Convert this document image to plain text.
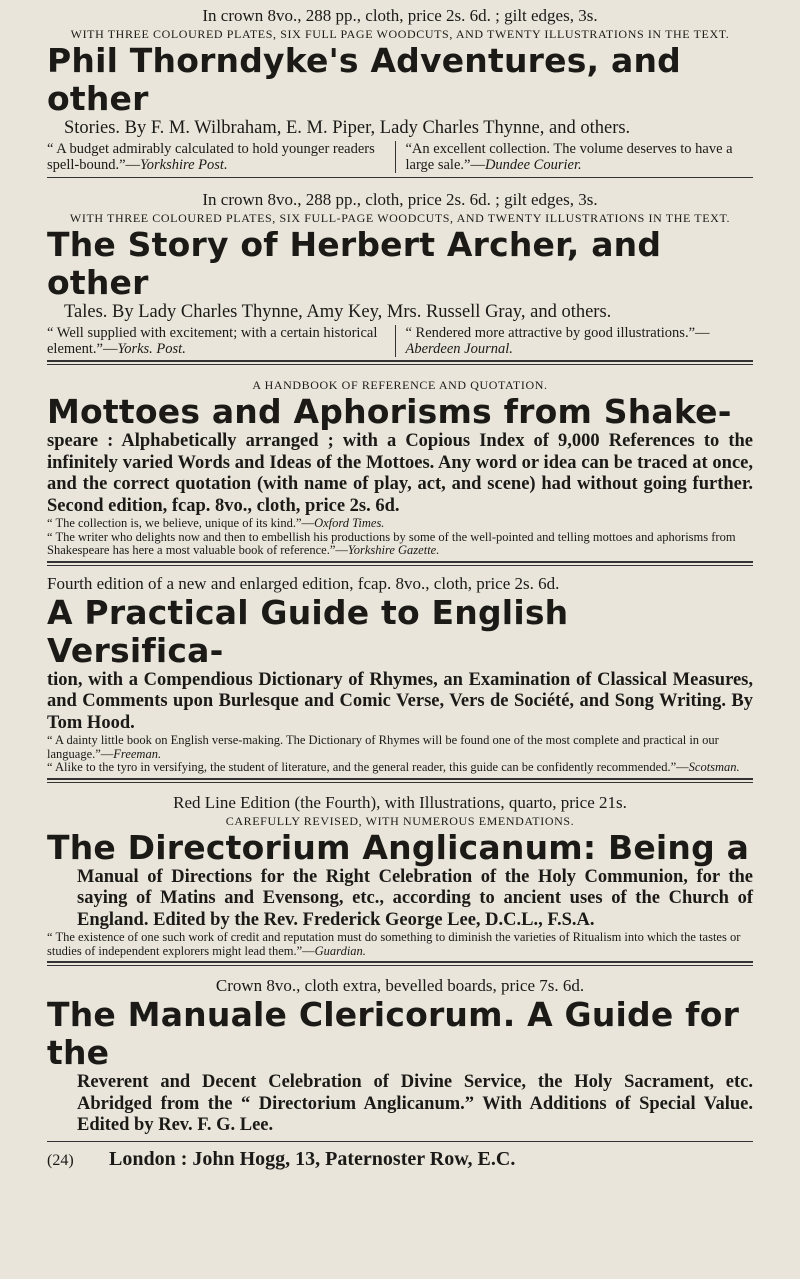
In crown 8vo., 288 pp., cloth, price 2s. 6d. ; gilt edges, 3s.
WITH THREE COLOURED PLATES, SIX FULL PAGE WOODCUTS, AND TWENTY ILLUSTRATIONS IN THE TEXT.
Phil Thorndyke's Adventures, and other
Stories. By F. M. Wilbraham, E. M. Piper, Lady Charles Thynne, and others.
“ A budget admirably calculated to hold younger readers spell-bound.”—Yorkshire Post.
“An excellent collection. The volume deserves to have a large sale.”—Dundee Courier.
In crown 8vo., 288 pp., cloth, price 2s. 6d. ; gilt edges, 3s.
WITH THREE COLOURED PLATES, SIX FULL-PAGE WOODCUTS, AND TWENTY ILLUSTRATIONS IN THE TEXT.
The Story of Herbert Archer, and other
Tales. By Lady Charles Thynne, Amy Key, Mrs. Russell Gray, and others.
“ Well supplied with excitement; with a certain historical element.”—Yorks. Post.
“ Rendered more attractive by good illustrations.”—Aberdeen Journal.
A HANDBOOK OF REFERENCE AND QUOTATION.
Mottoes and Aphorisms from Shake-
speare : Alphabetically arranged ; with a Copious Index of 9,000 References to the infinitely varied Words and Ideas of the Mottoes. Any word or idea can be traced at once, and the correct quotation (with name of play, act, and scene) had without going further. Second edition, fcap. 8vo., cloth, price 2s. 6d.
“ The collection is, we believe, unique of its kind.”—Oxford Times.
“ The writer who delights now and then to embellish his productions by some of the well-pointed and telling mottoes and aphorisms from Shakespeare has here a most valuable book of reference.”—Yorkshire Gazette.
Fourth edition of a new and enlarged edition, fcap. 8vo., cloth, price 2s. 6d.
A Practical Guide to English Versifica-
tion, with a Compendious Dictionary of Rhymes, an Examination of Classical Measures, and Comments upon Burlesque and Comic Verse, Vers de Société, and Song Writing. By Tom Hood.
“ A dainty little book on English verse-making. The Dictionary of Rhymes will be found one of the most complete and practical in our language.”—Freeman.
“ Alike to the tyro in versifying, the student of literature, and the general reader, this guide can be confidently recommended.”—Scotsman.
Red Line Edition (the Fourth), with Illustrations, quarto, price 21s.
CAREFULLY REVISED, WITH NUMEROUS EMENDATIONS.
The Directorium Anglicanum: Being a
Manual of Directions for the Right Celebration of the Holy Communion, for the saying of Matins and Evensong, etc., according to ancient uses of the Church of England. Edited by the Rev. Frederick George Lee, D.C.L., F.S.A.
“ The existence of one such work of credit and reputation must do something to diminish the varieties of Ritualism into which the tastes or studies of independent explorers might lead them.”—Guardian.
Crown 8vo., cloth extra, bevelled boards, price 7s. 6d.
The Manuale Clericorum. A Guide for the
Reverent and Decent Celebration of Divine Service, the Holy Sacrament, etc. Abridged from the “ Directorium Anglicanum.” With Additions of Special Value. Edited by Rev. F. G. Lee.
(24)	London : John Hogg, 13, Paternoster Row, E.C.
